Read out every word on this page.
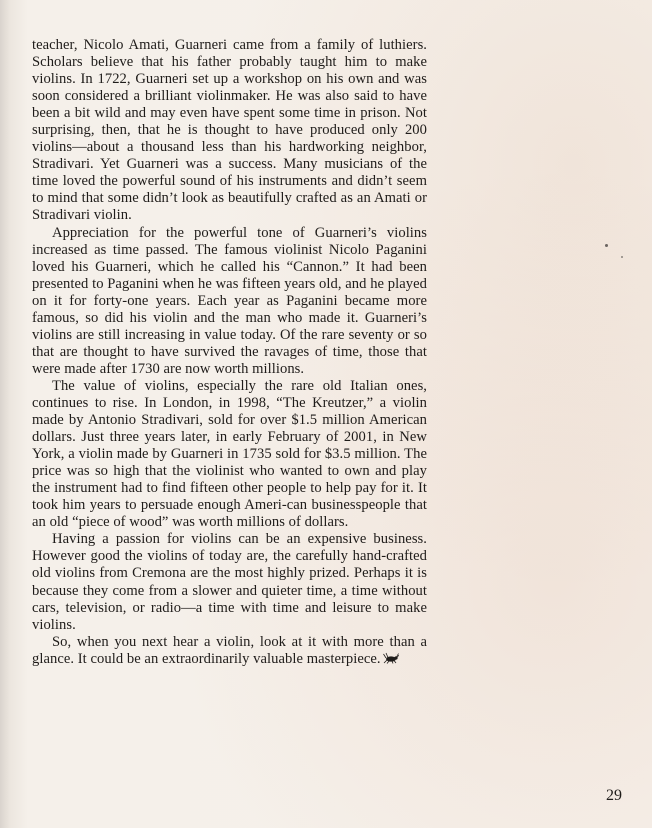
teacher, Nicolo Amati, Guarneri came from a family of luthiers. Scholars believe that his father probably taught him to make violins. In 1722, Guarneri set up a workshop on his own and was soon considered a brilliant violinmaker. He was also said to have been a bit wild and may even have spent some time in prison. Not surprising, then, that he is thought to have produced only 200 violins—about a thousand less than his hardworking neighbor, Stradivari. Yet Guarneri was a success. Many musicians of the time loved the powerful sound of his instruments and didn’t seem to mind that some didn’t look as beautifully crafted as an Amati or Stradivari violin.

Appreciation for the powerful tone of Guarneri’s violins increased as time passed. The famous violinist Nicolo Paganini loved his Guarneri, which he called his “Cannon.” It had been presented to Paganini when he was fifteen years old, and he played on it for forty-one years. Each year as Paganini became more famous, so did his violin and the man who made it. Guarneri’s violins are still increasing in value today. Of the rare seventy or so that are thought to have survived the ravages of time, those that were made after 1730 are now worth millions.

The value of violins, especially the rare old Italian ones, continues to rise. In London, in 1998, “The Kreutzer,” a violin made by Antonio Stradivari, sold for over $1.5 million American dollars. Just three years later, in early February of 2001, in New York, a violin made by Guarneri in 1735 sold for $3.5 million. The price was so high that the violinist who wanted to own and play the instrument had to find fifteen other people to help pay for it. It took him years to persuade enough Ameri-can businesspeople that an old “piece of wood” was worth millions of dollars.

Having a passion for violins can be an expensive business. However good the violins of today are, the carefully hand-crafted old violins from Cremona are the most highly prized. Perhaps it is because they come from a slower and quieter time, a time without cars, television, or radio—a time with time and leisure to make violins.

So, when you next hear a violin, look at it with more than a glance. It could be an extraordinarily valuable masterpiece.

29
